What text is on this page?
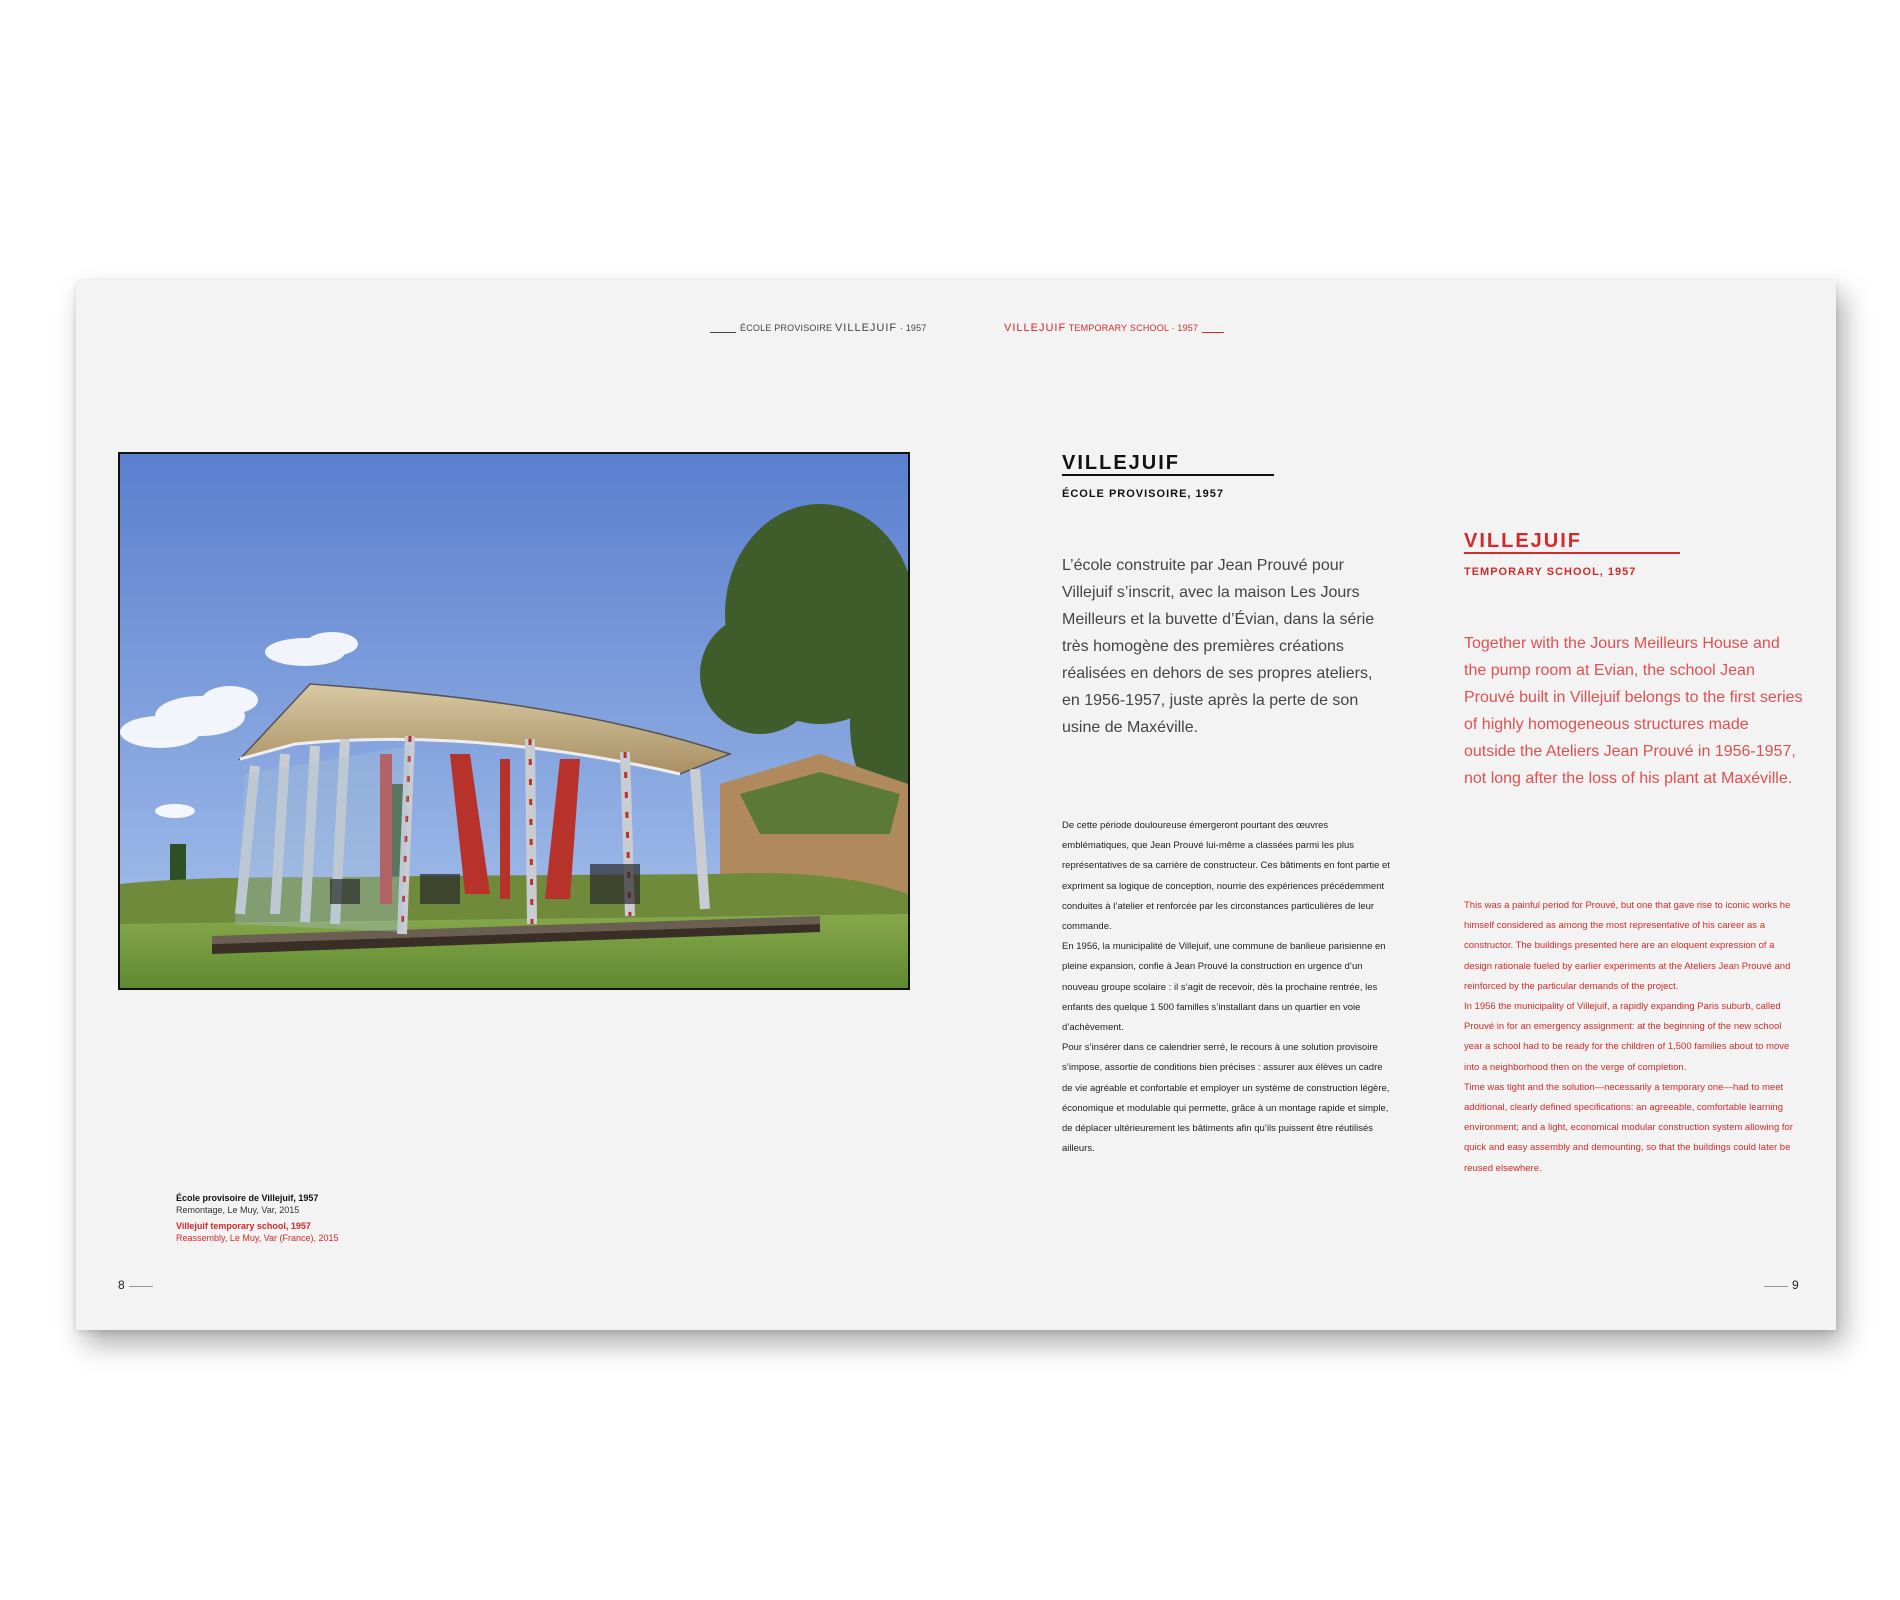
ÉCOLE PROVISOIRE VILLEJUIF · 1957	VILLEJUIF TEMPORARY SCHOOL · 1957
École provisoire de Villejuif, 1957
Remontage, Le Muy, Var, 2015
Villejuif temporary school, 1957
Reassembly, Le Muy, Var (France), 2015
8	9
VILLEJUIF
ÉCOLE PROVISOIRE, 1957
L’école construite par Jean Prouvé pour Villejuif s’inscrit, avec la maison Les Jours Meilleurs et la buvette d’Évian, dans la série très homogène des premières créations réalisées en dehors de ses propres ateliers, en 1956-1957, juste après la perte de son usine de Maxéville.

De cette période douloureuse émergeront pourtant des œuvres emblématiques, que Jean Prouvé lui-même a classées parmi les plus représentatives de sa carrière de constructeur. Ces bâtiments en font partie et expriment sa logique de conception, nourrie des expériences précédemment conduites à l’atelier et renforcée par les circonstances particulières de leur commande.

En 1956, la municipalité de Villejuif, une commune de banlieue parisienne en pleine expansion, confie à Jean Prouvé la construction en urgence d’un nouveau groupe scolaire : il s’agit de recevoir, dès la prochaine rentrée, les enfants des quelque 1 500 familles s’installant dans un quartier en voie d’achèvement.

Pour s’insérer dans ce calendrier serré, le recours à une solution provisoire s’impose, assortie de conditions bien précises : assurer aux élèves un cadre de vie agréable et confortable et employer un système de construction légère, économique et modulable qui permette, grâce à un montage rapide et simple, de déplacer ultérieurement les bâtiments afin qu’ils puissent être réutilisés ailleurs.

VILLEJUIF
TEMPORARY SCHOOL, 1957
Together with the Jours Meilleurs House and the pump room at Evian, the school Jean Prouvé built in Villejuif belongs to the first series of highly homogeneous structures made outside the Ateliers Jean Prouvé in 1956-1957, not long after the loss of his plant at Maxéville.

This was a painful period for Prouvé, but one that gave rise to iconic works he himself considered as among the most representative of his career as a constructor. The buildings presented here are an eloquent expression of a design rationale fueled by earlier experiments at the Ateliers Jean Prouvé and reinforced by the particular demands of the project.

In 1956 the municipality of Villejuif, a rapidly expanding Paris suburb, called Prouvé in for an emergency assignment: at the beginning of the new school year a school had to be ready for the children of 1,500 families about to move into a neighborhood then on the verge of completion.

Time was tight and the solution—necessarily a temporary one—had to meet additional, clearly defined specifications: an agreeable, comfortable learning environment; and a light, economical modular construction system allowing for quick and easy assembly and demounting, so that the buildings could later be reused elsewhere.
